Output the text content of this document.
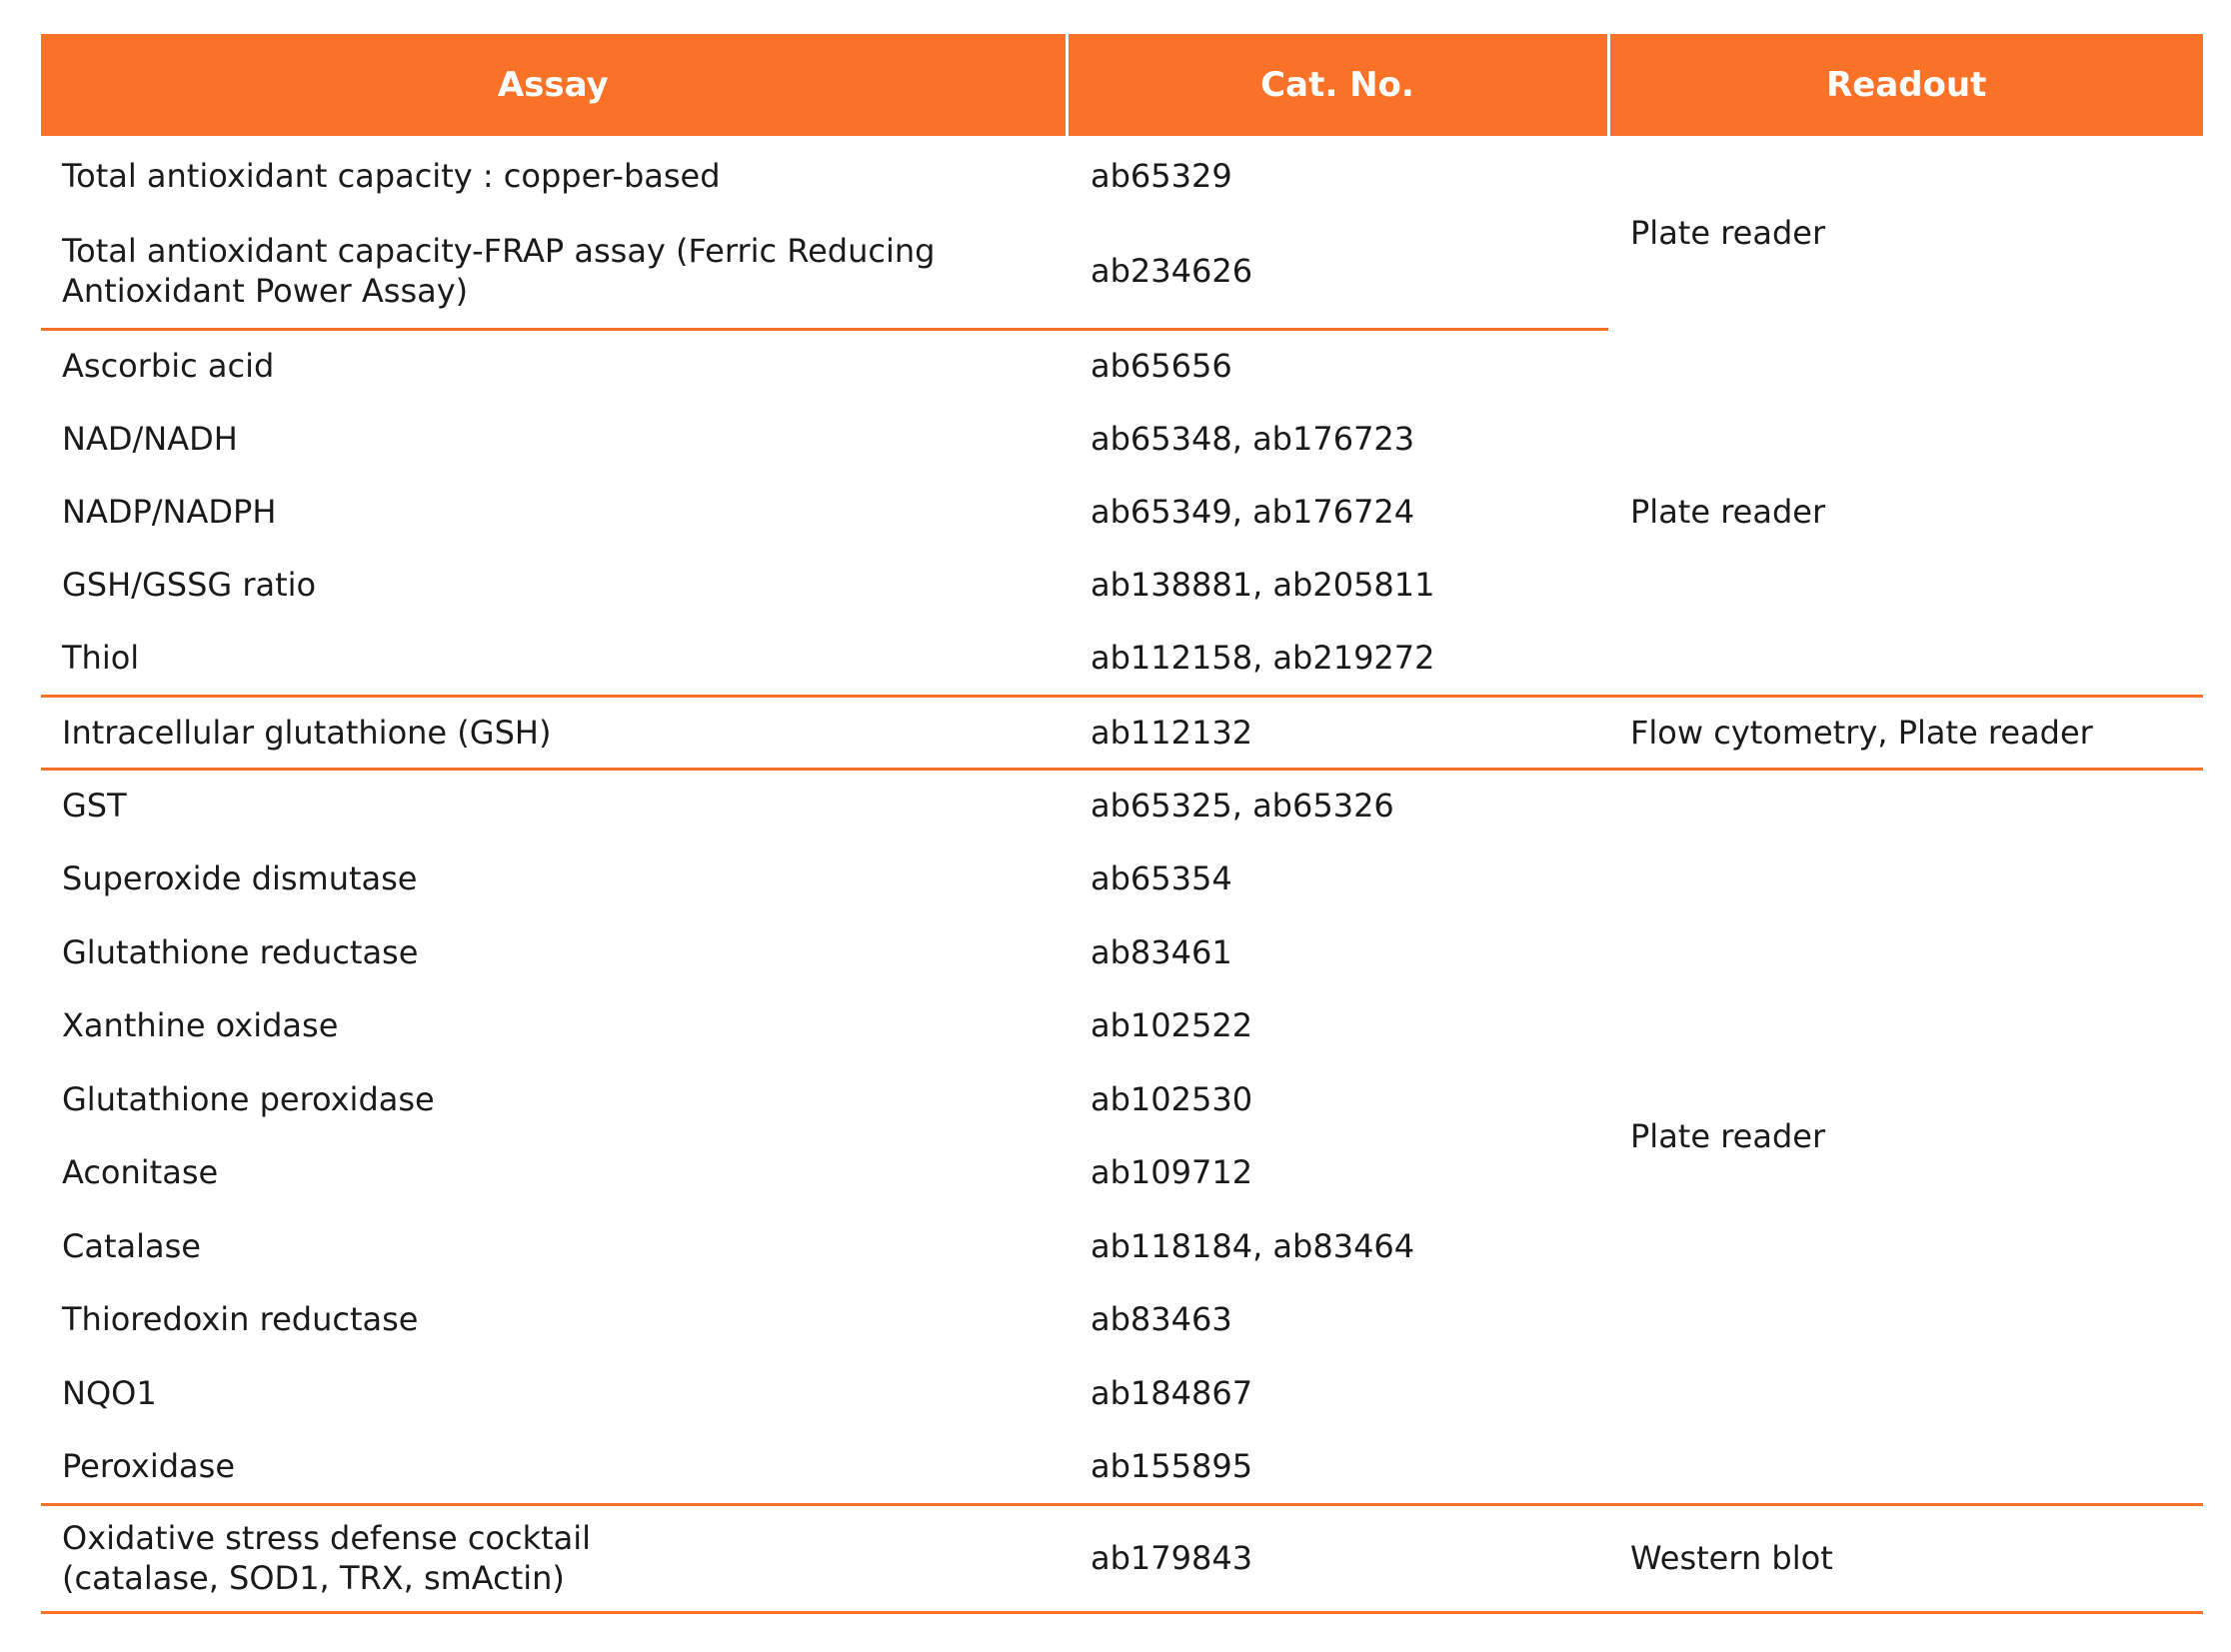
Assay	Cat. No.	Readout
Total antioxidant capacity : copper-based	ab65329	Plate reader

Total antioxidant capacity-FRAP assay (Ferric Reducing
Antioxidant Power Assay)	ab234626	
Ascorbic acid	ab65656	Plate reader
NAD/NADH	ab65348, ab176723	
NADP/NADPH	ab65349, ab176724	
GSH/GSSG ratio	ab138881, ab205811	
Thiol	ab112158, ab219272	
Intracellular glutathione (GSH)	ab112132	Flow cytometry, Plate reader
GST	ab65325, ab65326	Plate reader
Superoxide dismutase	ab65354	
Glutathione reductase	ab83461	
Xanthine oxidase	ab102522	
Glutathione peroxidase	ab102530	
Aconitase	ab109712	
Catalase	ab118184, ab83464	
Thioredoxin reductase	ab83463	
NQO1	ab184867	
Peroxidase	ab155895	

Oxidative stress defense cocktail
(catalase, SOD1, TRX, smActin)	ab179843	Western blot
